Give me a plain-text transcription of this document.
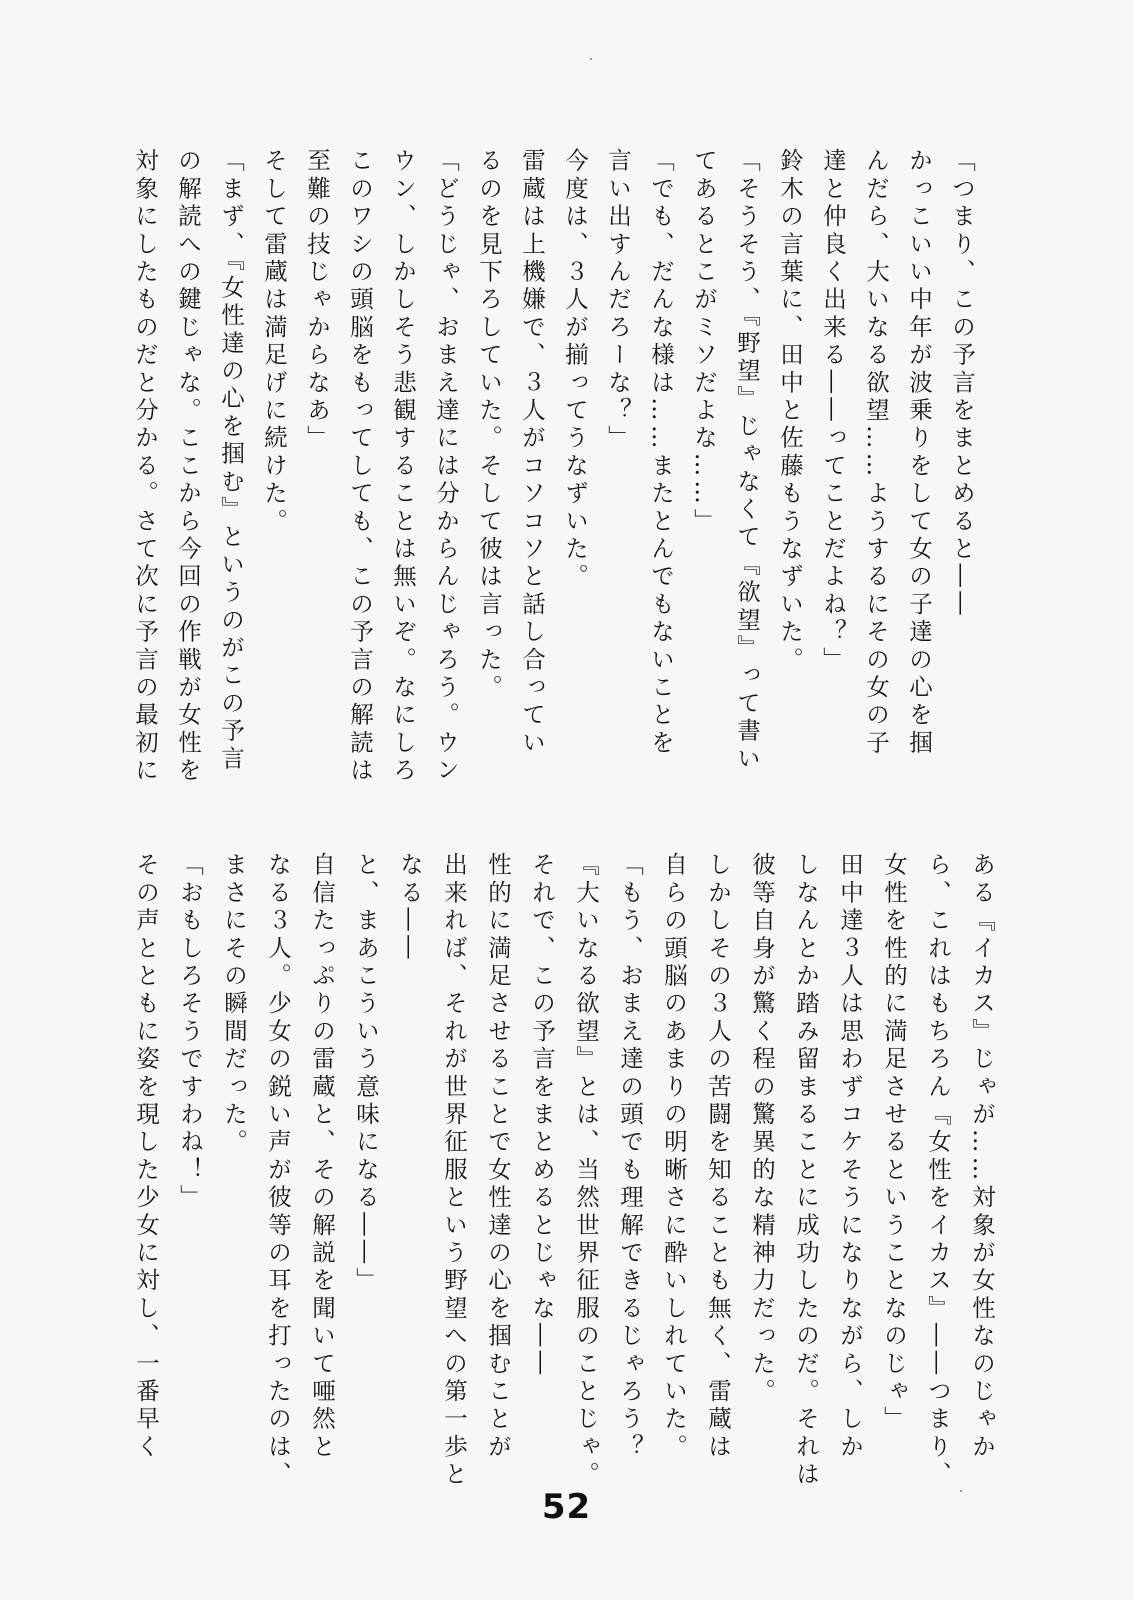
「つまり、この予言をまとめると――
かっこいい中年が波乗りをして女の子達の心を掴
んだら、大いなる欲望……ようするにその女の子
達と仲良く出来る――ってことだよね？」
鈴木の言葉に、田中と佐藤もうなずいた。
「そうそう、『野望』じゃなくて『欲望』って書い
てあるとこがミソだよな……」
「でも、だんな様は……またとんでもないことを
言い出すんだろーな？」
今度は、３人が揃ってうなずいた。
雷蔵は上機嫌で、３人がコソコソと話し合ってい
るのを見下ろしていた。そして彼は言った。
「どうじゃ、おまえ達には分からんじゃろう。ウン
ウン、しかしそう悲観することは無いぞ。なにしろ
このワシの頭脳をもってしても、この予言の解読は
至難の技じゃからなあ」
そして雷蔵は満足げに続けた。
「まず、『女性達の心を掴む』というのがこの予言
の解読への鍵じゃな。ここから今回の作戦が女性を
対象にしたものだと分かる。さて次に予言の最初に
ある『イカス』じゃが……対象が女性なのじゃか
ら、これはもちろん『女性をイカス』――つまり、
女性を性的に満足させるということなのじゃ」
田中達３人は思わずコケそうになりながら、しか
しなんとか踏み留まることに成功したのだ。それは
彼等自身が驚く程の驚異的な精神力だった。
しかしその３人の苦闘を知ることも無く、雷蔵は
自らの頭脳のあまりの明晰さに酔いしれていた。
「もう、おまえ達の頭でも理解できるじゃろう？
『大いなる欲望』とは、当然世界征服のことじゃ。
それで、この予言をまとめるとじゃな――
性的に満足させることで女性達の心を掴むことが
出来れば、それが世界征服という野望への第一歩と
なる――
と、まあこういう意味になる――」
自信たっぷりの雷蔵と、その解説を聞いて唖然と
なる３人。少女の鋭い声が彼等の耳を打ったのは、
まさにその瞬間だった。
「おもしろそうですわね！」
その声とともに姿を現した少女に対し、一番早く
52
